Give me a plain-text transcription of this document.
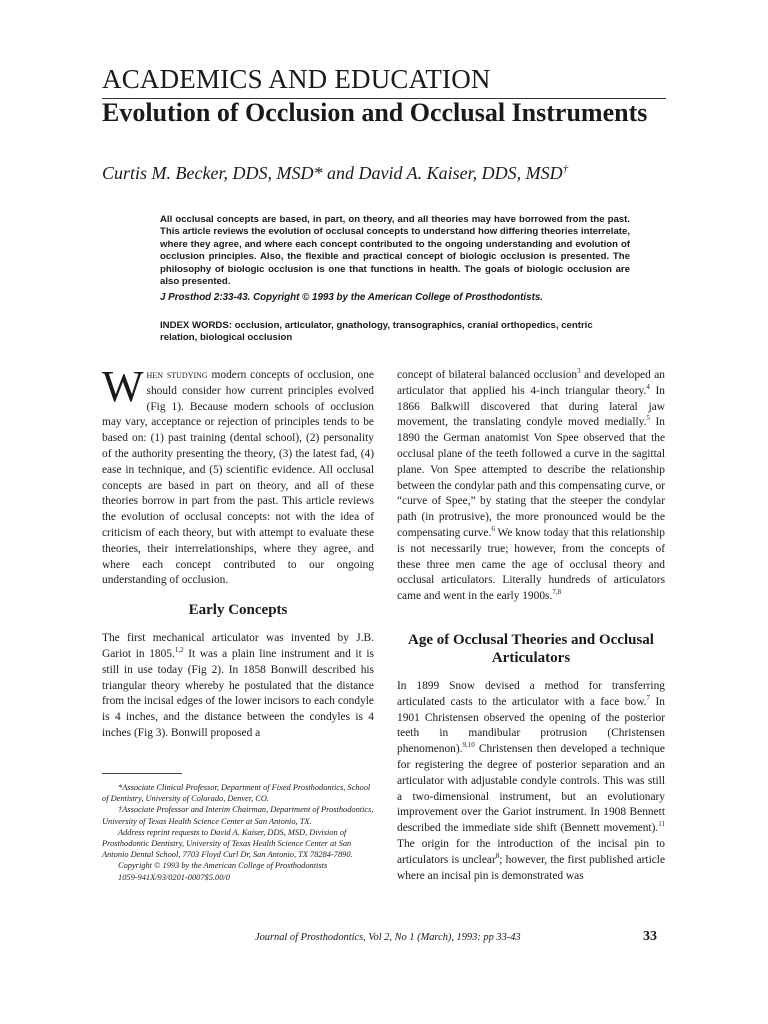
ACADEMICS AND EDUCATION
Evolution of Occlusion and Occlusal Instruments
Curtis M. Becker, DDS, MSD* and David A. Kaiser, DDS, MSD†

All occlusal concepts are based, in part, on theory, and all theories may have borrowed from the past. This article reviews the evolution of occlusal concepts to understand how differing theories interrelate, where they agree, and where each concept contributed to the ongoing understanding and evolution of occlusion principles. Also, the flexible and practical concept of biologic occlusion is presented. The philosophy of biologic occlusion is one that functions in health. The goals of biologic occlusion are also presented.

J Prosthod 2:33-43. Copyright © 1993 by the American College of Prosthodontists.
INDEX WORDS: occlusion, articulator, gnathology, transographics, cranial orthopedics, centric relation, biological occlusion

When studying modern concepts of occlusion, one should consider how current principles evolved (Fig 1). Because modern schools of occlusion may vary, acceptance or rejection of principles tends to be based on: (1) past training (dental school), (2) personality of the authority presenting the theory, (3) the latest fad, (4) ease in technique, and (5) scientific evidence. All occlusal concepts are based in part on theory, and all of these theories borrow in part from the past. This article reviews the evolution of occlusal concepts: not with the idea of criticism of each theory, but with attempt to evaluate these theories, their interrelationships, where they agree, and where each concept contributed to our ongoing understanding of occlusion.

Early Concepts

The first mechanical articulator was invented by J.B. Gariot in 1805.$^{1,2}$ It was a plain line instrument and it is still in use today (Fig 2). In 1858 Bonwill described his triangular theory whereby he postulated that the distance from the incisal edges of the lower incisors to each condyle is 4 inches, and the distance between the condyles is 4 inches (Fig 3). Bonwill proposed a

concept of bilateral balanced occlusion$^3$ and developed an articulator that applied his 4-inch triangular theory.$^4$ In 1866 Balkwill discovered that during lateral jaw movement, the translating condyle moved medially.$^5$ In 1890 the German anatomist Von Spee observed that the occlusal plane of the teeth followed a curve in the sagittal plane. Von Spee attempted to describe the relationship between the condylar path and this compensating curve, or “curve of Spee,” by stating that the steeper the condylar path (in protrusive), the more pronounced would be the compensating curve.$^6$ We know today that this relationship is not necessarily true; however, from the concepts of these three men came the age of occlusal theory and occlusal articulators. Literally hundreds of articulators came and went in the early 1900s.$^{7,8}$

Age of Occlusal Theories and Occlusal Articulators

In 1899 Snow devised a method for transferring articulated casts to the articulator with a face bow.$^7$ In 1901 Christensen observed the opening of the posterior teeth in mandibular protrusion (Christensen phenomenon).$^{9,10}$ Christensen then developed a technique for registering the degree of posterior separation and an articulator with adjustable condyle controls. This was still a two-dimensional instrument, but an evolutionary improvement over the Gariot instrument. In 1908 Bennett described the immediate side shift (Bennett movement).$^{11}$ The origin for the introduction of the incisal pin to articulators is unclear$^8$; however, the first published article where an incisal pin is demonstrated was

*Associate Clinical Professor, Department of Fixed Prosthodontics, School of Dentistry, University of Colorado, Denver, CO.

†Associate Professor and Interim Chairman, Department of Prosthodontics, University of Texas Health Science Center at San Antonio, TX.

Address reprint requests to David A. Kaiser, DDS, MSD, Division of Prosthodontic Dentistry, University of Texas Health Science Center at San Antonio Dental School, 7703 Floyd Curl Dr, San Antonio, TX 78284-7890.

Copyright © 1993 by the American College of Prosthodontists

1059-941X/93/0201-0007$5.00/0

Journal of Prosthodontics, Vol 2, No 1 (March), 1993: pp 33-43	33
